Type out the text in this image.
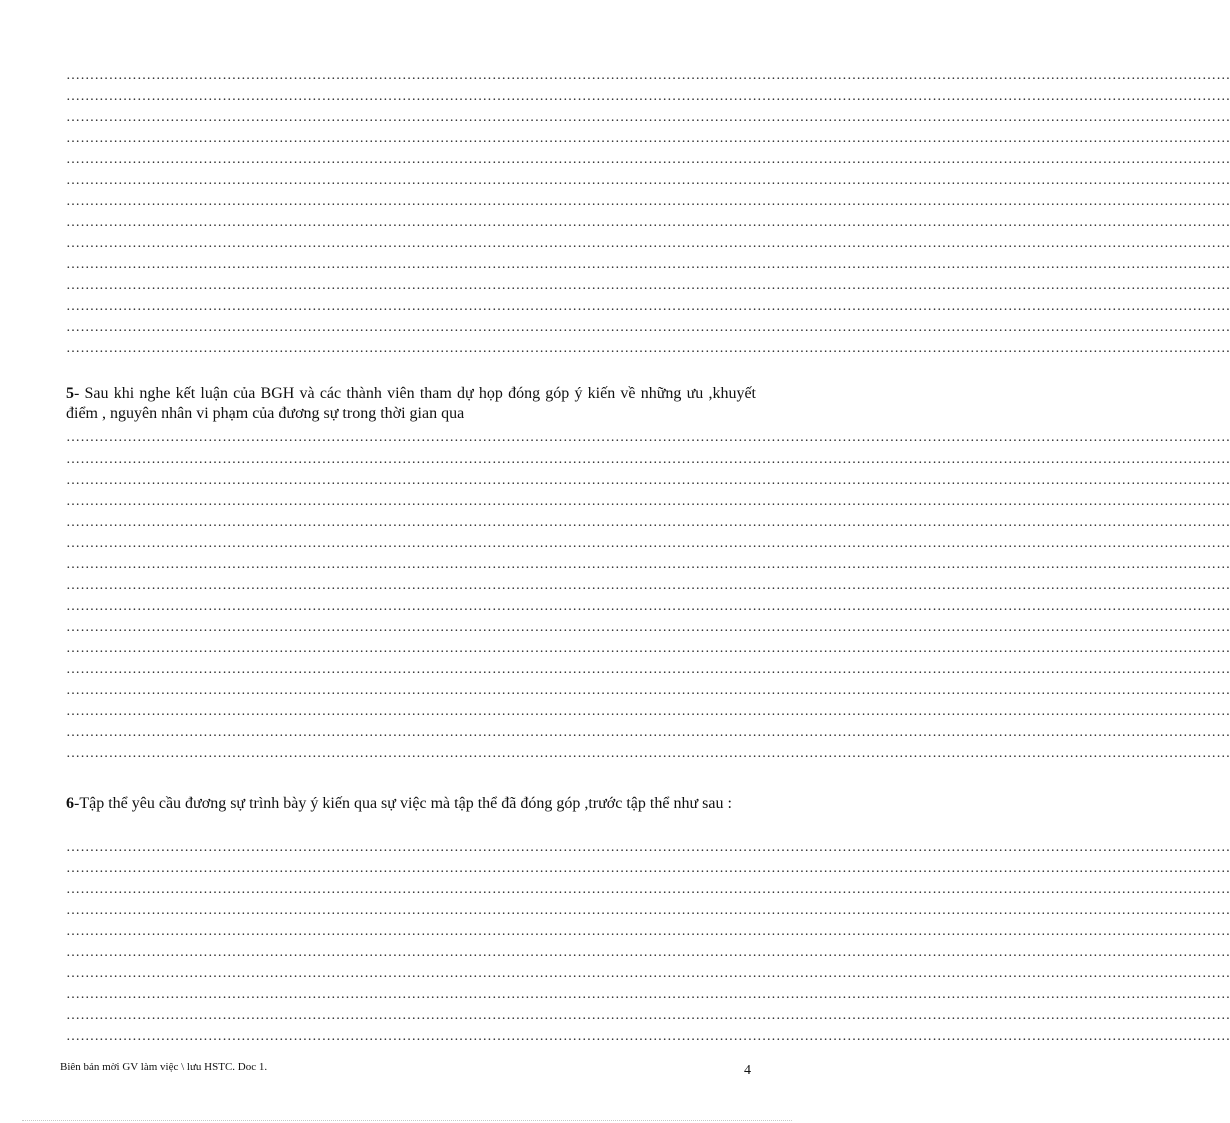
…………………………………………………………………………………………………………………………………………………………………………………………………………………………
…………………………………………………………………………………………………………………………………………………………………………………………………………………………
…………………………………………………………………………………………………………………………………………………………………………………………………………………………
…………………………………………………………………………………………………………………………………………………………………………………………………………………………
…………………………………………………………………………………………………………………………………………………………………………………………………………………………
…………………………………………………………………………………………………………………………………………………………………………………………………………………………
…………………………………………………………………………………………………………………………………………………………………………………………………………………………
…………………………………………………………………………………………………………………………………………………………………………………………………………………………
…………………………………………………………………………………………………………………………………………………………………………………………………………………………
…………………………………………………………………………………………………………………………………………………………………………………………………………………………
…………………………………………………………………………………………………………………………………………………………………………………………………………………………
…………………………………………………………………………………………………………………………………………………………………………………………………………………………
…………………………………………………………………………………………………………………………………………………………………………………………………………………………
…………………………………………………………………………………………………………………………………………………………………………………………………………………………
5- Sau khi nghe kết luận của BGH và các thành viên tham dự họp đóng góp ý kiến về những ưu ,khuyết điểm , nguyên nhân vi phạm của đương sự trong thời gian qua
…………………………………………………………………………………………………………………………………………………………………………………………………………………………
…………………………………………………………………………………………………………………………………………………………………………………………………………………………
…………………………………………………………………………………………………………………………………………………………………………………………………………………………
…………………………………………………………………………………………………………………………………………………………………………………………………………………………
…………………………………………………………………………………………………………………………………………………………………………………………………………………………
…………………………………………………………………………………………………………………………………………………………………………………………………………………………
…………………………………………………………………………………………………………………………………………………………………………………………………………………………
…………………………………………………………………………………………………………………………………………………………………………………………………………………………
…………………………………………………………………………………………………………………………………………………………………………………………………………………………
…………………………………………………………………………………………………………………………………………………………………………………………………………………………
…………………………………………………………………………………………………………………………………………………………………………………………………………………………
…………………………………………………………………………………………………………………………………………………………………………………………………………………………
…………………………………………………………………………………………………………………………………………………………………………………………………………………………
…………………………………………………………………………………………………………………………………………………………………………………………………………………………
…………………………………………………………………………………………………………………………………………………………………………………………………………………………
…………………………………………………………………………………………………………………………………………………………………………………………………………………………
6-Tập thể yêu cầu đương sự trình bày ý kiến qua sự việc mà tập thể đã đóng góp ,trước tập thể như sau :
…………………………………………………………………………………………………………………………………………………………………………………………………………………………
…………………………………………………………………………………………………………………………………………………………………………………………………………………………
…………………………………………………………………………………………………………………………………………………………………………………………………………………………
…………………………………………………………………………………………………………………………………………………………………………………………………………………………
…………………………………………………………………………………………………………………………………………………………………………………………………………………………
…………………………………………………………………………………………………………………………………………………………………………………………………………………………
…………………………………………………………………………………………………………………………………………………………………………………………………………………………
…………………………………………………………………………………………………………………………………………………………………………………………………………………………
…………………………………………………………………………………………………………………………………………………………………………………………………………………………
…………………………………………………………………………………………………………………………………………………………………………………………………………………………
Biên bản mời GV làm việc \ lưu HSTC. Doc 1.	4
